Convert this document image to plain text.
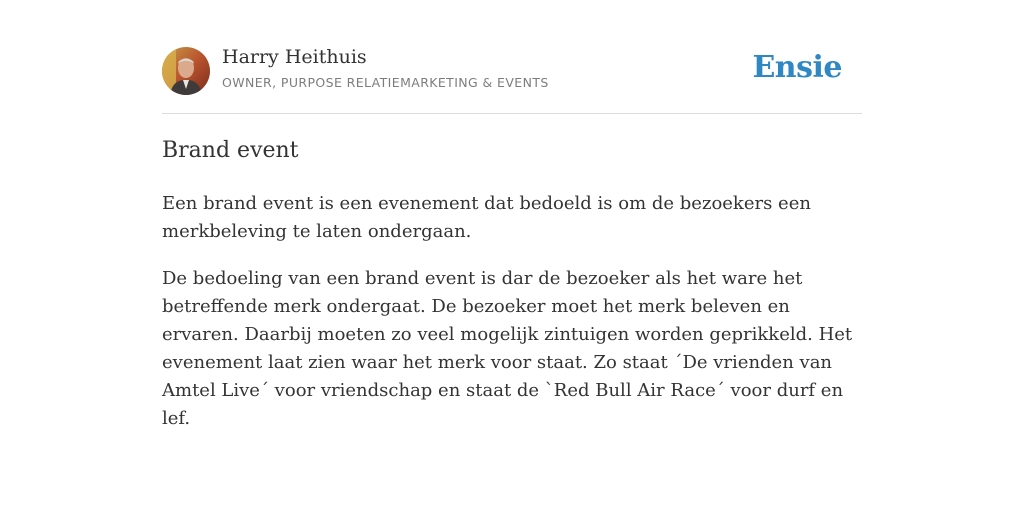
Harry Heithuis
OWNER, PURPOSE RELATIEMARKETING & EVENTS	Ensie
Brand event

Een brand event is een evenement dat bedoeld is om de bezoekers een merkbeleving te laten ondergaan.

De bedoeling van een brand event is dar de bezoeker als het ware het betreffende merk ondergaat. De bezoeker moet het merk beleven en ervaren. Daarbij moeten zo veel mogelijk zintuigen worden geprikkeld. Het evenement laat zien waar het merk voor staat. Zo staat ´De vrienden van Amtel Live´ voor vriendschap en staat de `Red Bull Air Race´ voor durf en lef.
